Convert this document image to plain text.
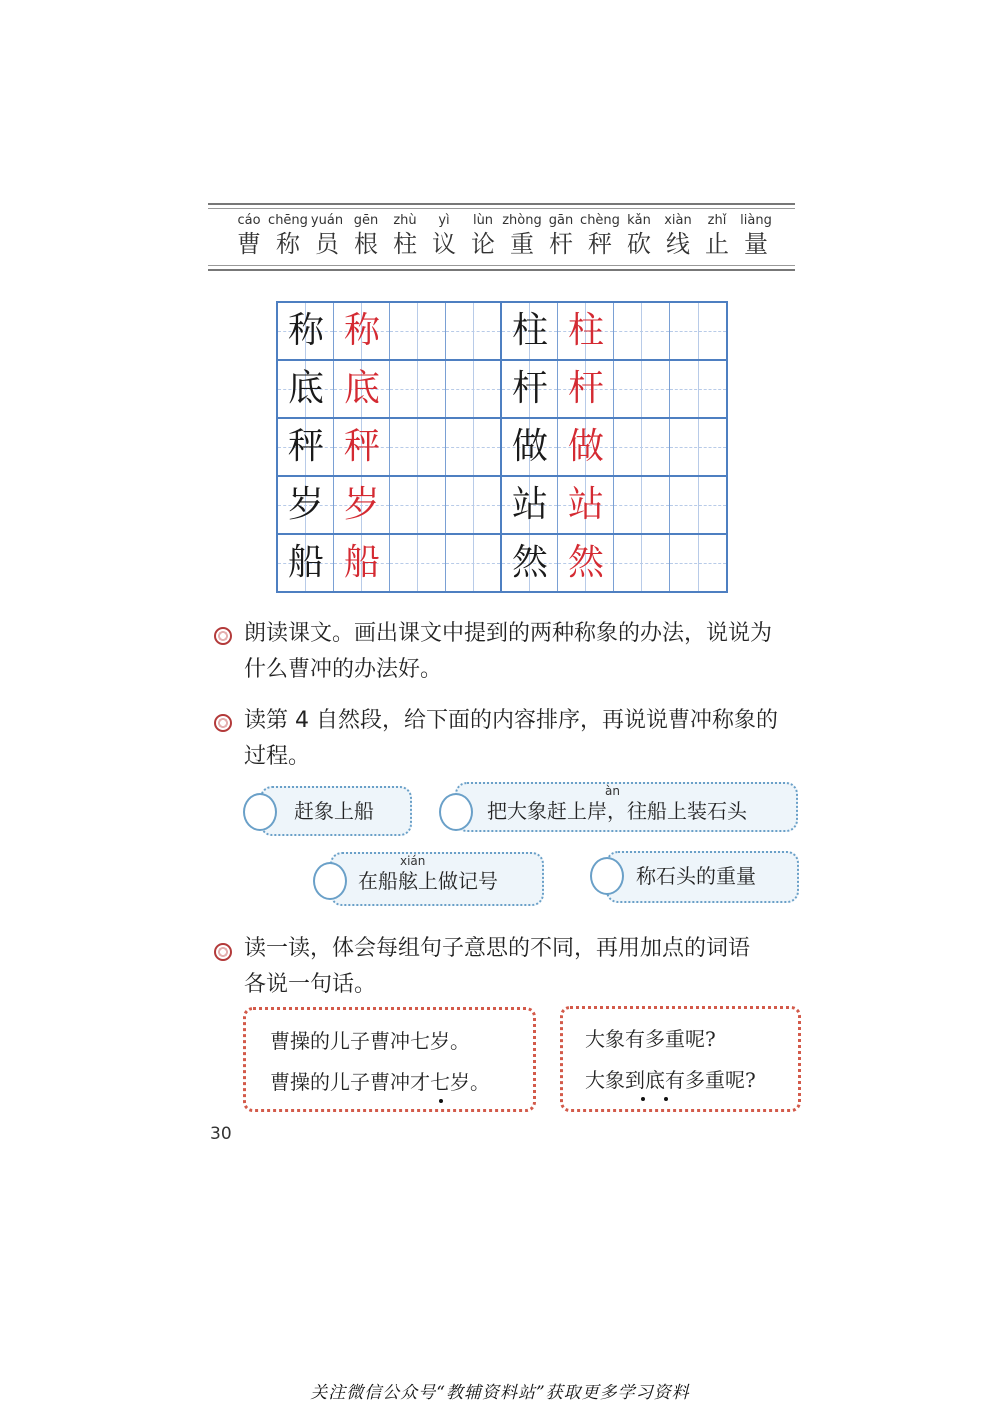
cáo
曹
chēng
称
yuán
员
gēn
根
zhù
柱
yì
议
lùn
论
zhòng
重
gān
杆
chèng
秤
kǎn
砍
xiàn
线
zhǐ
止
liàng
量
称 称	柱 柱
底 底	杆 杆
秤 秤	做 做
岁 岁	站 站
船 船	然 然
朗读课文。画出课文中提到的两种称象的办法，说说为
什么曹冲的办法好。
读第 4 自然段，给下面的内容排序，再说说曹冲称象的
过程。
赶象上船	把大象赶上岸，往船上装石头
àn
在船舷上做记号
xián
称石头的重量
读一读，体会每组句子意思的不同，再用加点的词语
各说一句话。
曹操的儿子曹冲七岁。
曹操的儿子曹冲才七岁。
大象有多重呢?
大象到底有多重呢?
30
关注微信公众号“教辅资料站”获取更多学习资料
